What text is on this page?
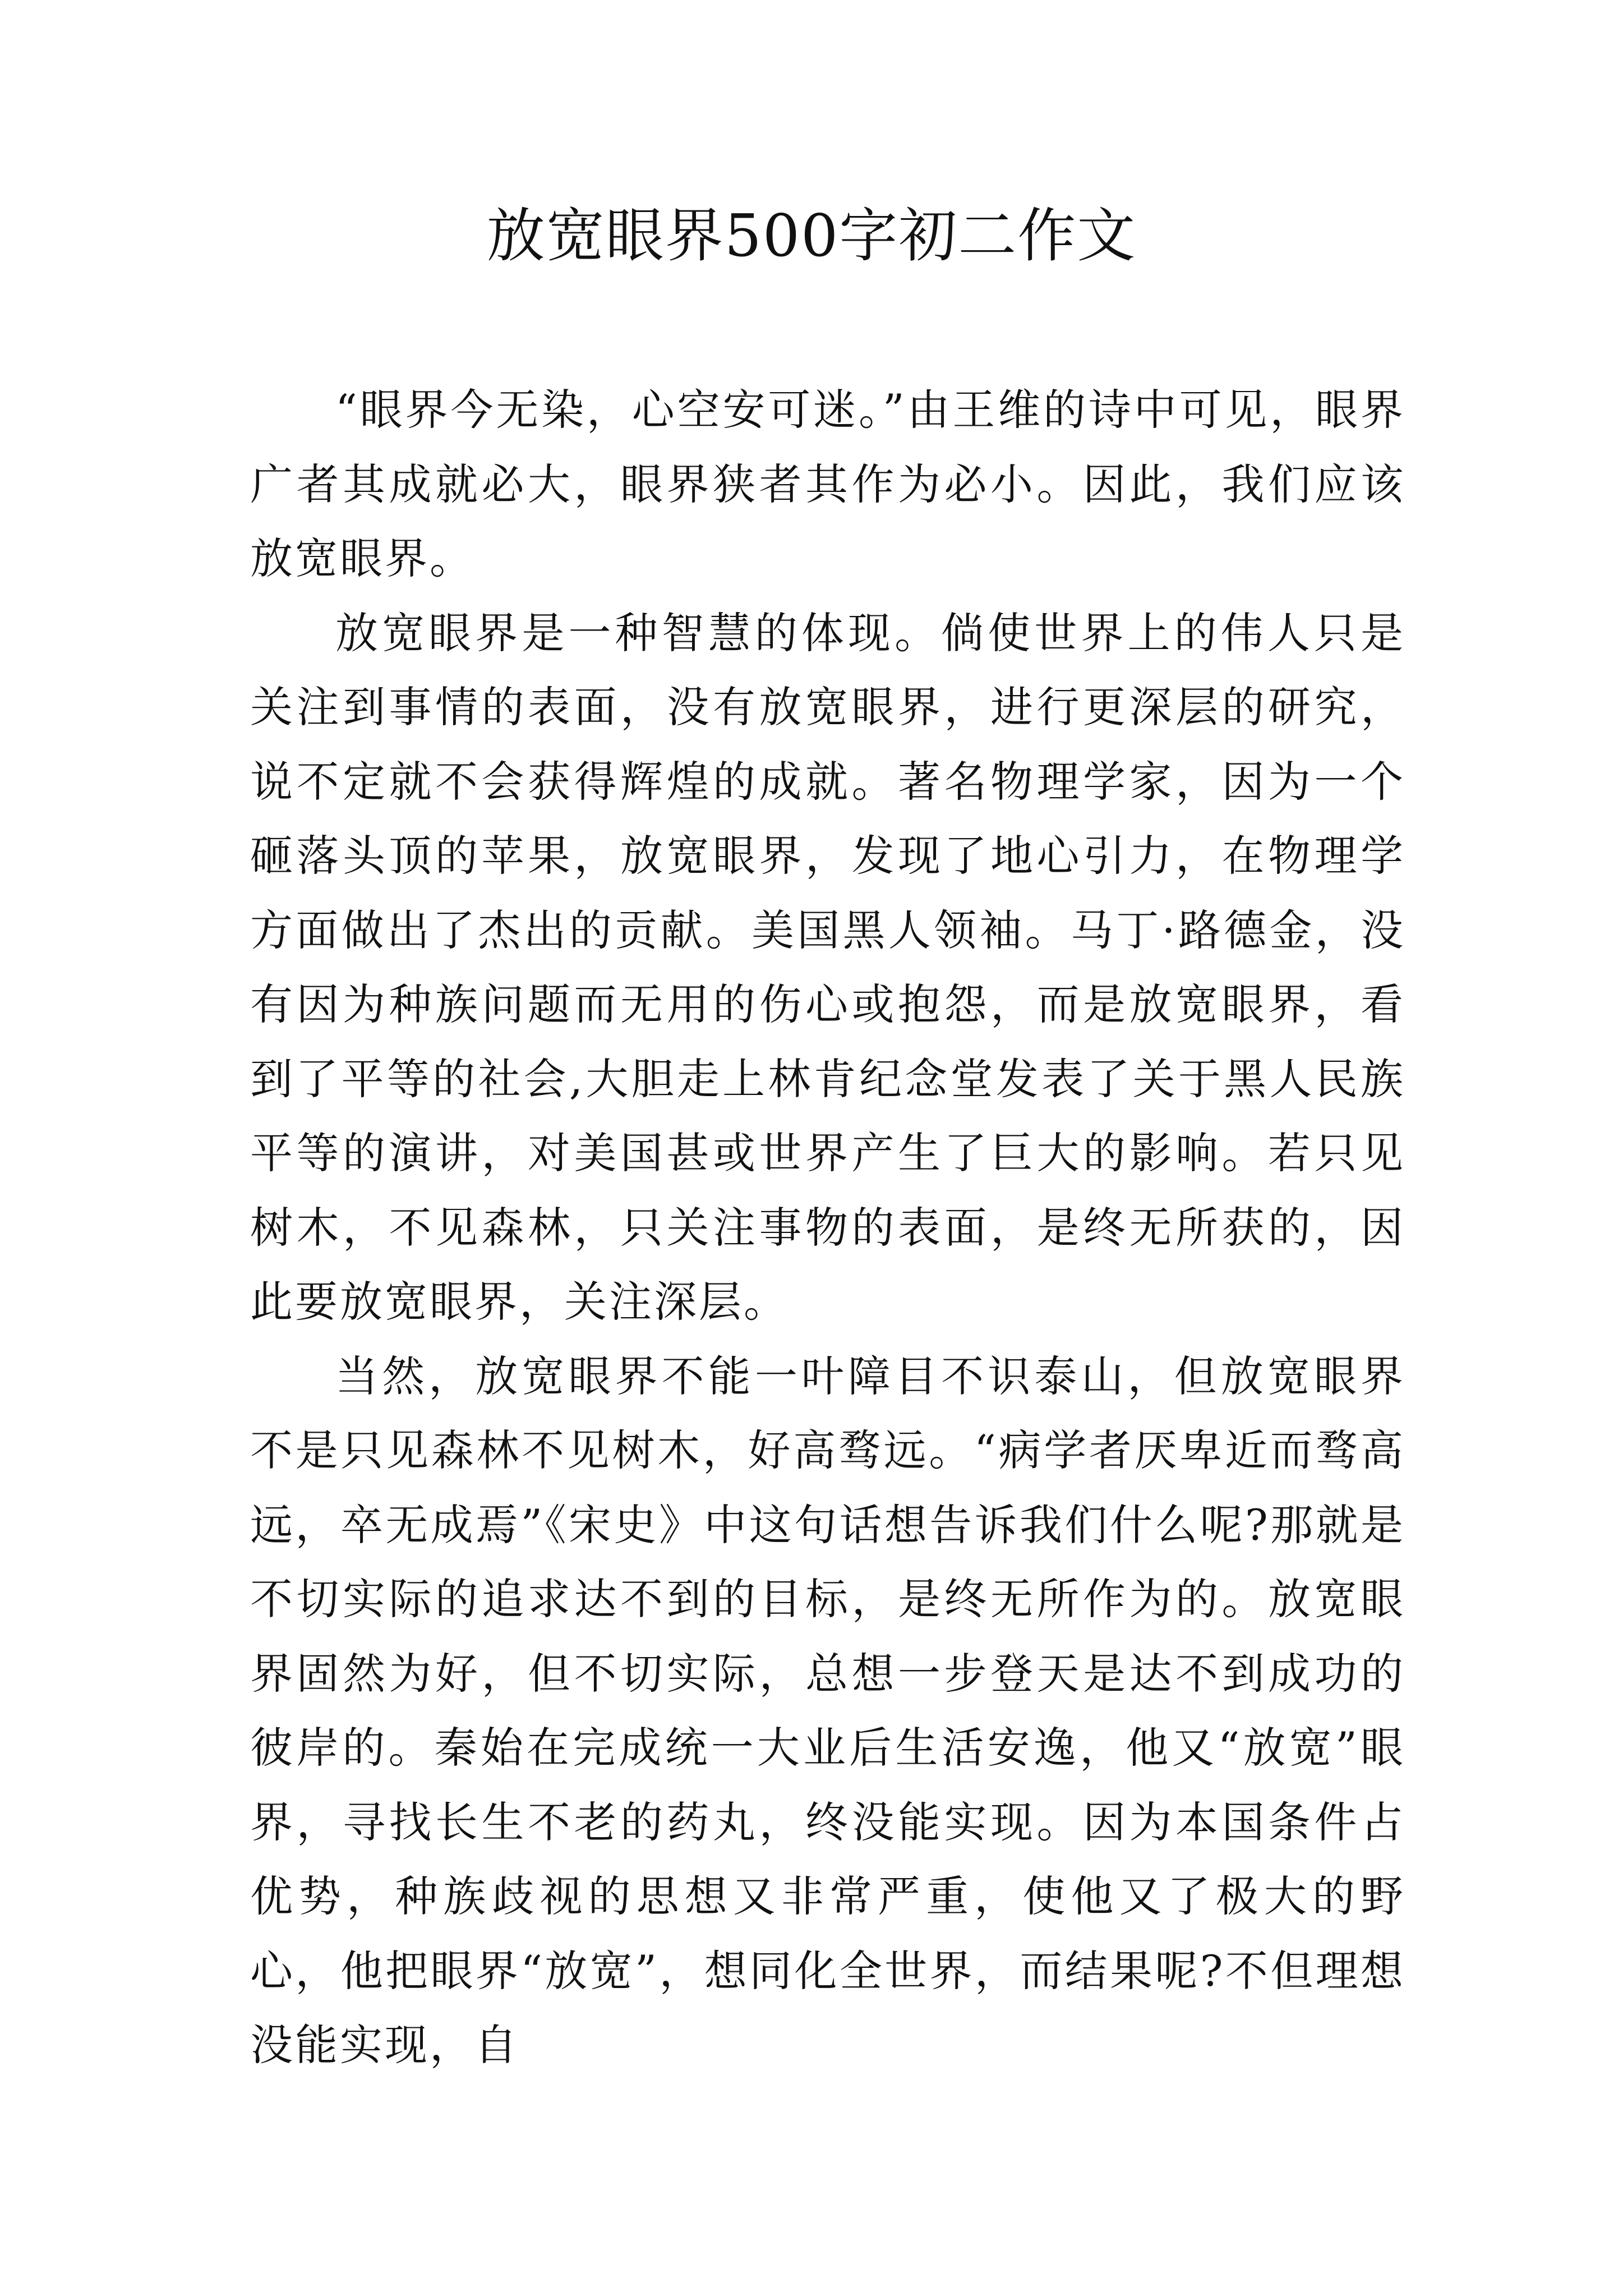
放宽眼界500字初二作文

“眼界今无染，心空安可迷。”由王维的诗中可见，眼界广者其成就必大，眼界狭者其作为必小。因此，我们应该放宽眼界。

放宽眼界是一种智慧的体现。倘使世界上的伟人只是关注到事情的表面，没有放宽眼界，进行更深层的研究，说不定就不会获得辉煌的成就。著名物理学家，因为一个砸落头顶的苹果，放宽眼界，发现了地心引力，在物理学方面做出了杰出的贡献。美国黑人领袖。马丁·路德金，没有因为种族问题而无用的伤心或抱怨，而是放宽眼界，看到了平等的社会,大胆走上林肯纪念堂发表了关于黑人民族平等的演讲，对美国甚或世界产生了巨大的影响。若只见树木，不见森林，只关注事物的表面，是终无所获的，因此要放宽眼界，关注深层。

当然，放宽眼界不能一叶障目不识泰山，但放宽眼界不是只见森林不见树木，好高骛远。“病学者厌卑近而骛高远，卒无成焉”《宋史》中这句话想告诉我们什么呢?那就是不切实际的追求达不到的目标，是终无所作为的。放宽眼界固然为好，但不切实际，总想一步登天是达不到成功的彼岸的。秦始在完成统一大业后生活安逸，他又“放宽”眼界，寻找长生不老的药丸，终没能实现。因为本国条件占优势，种族歧视的思想又非常严重，使他又了极大的野心，他把眼界“放宽”，想同化全世界，而结果呢?不但理想没能实现，自
